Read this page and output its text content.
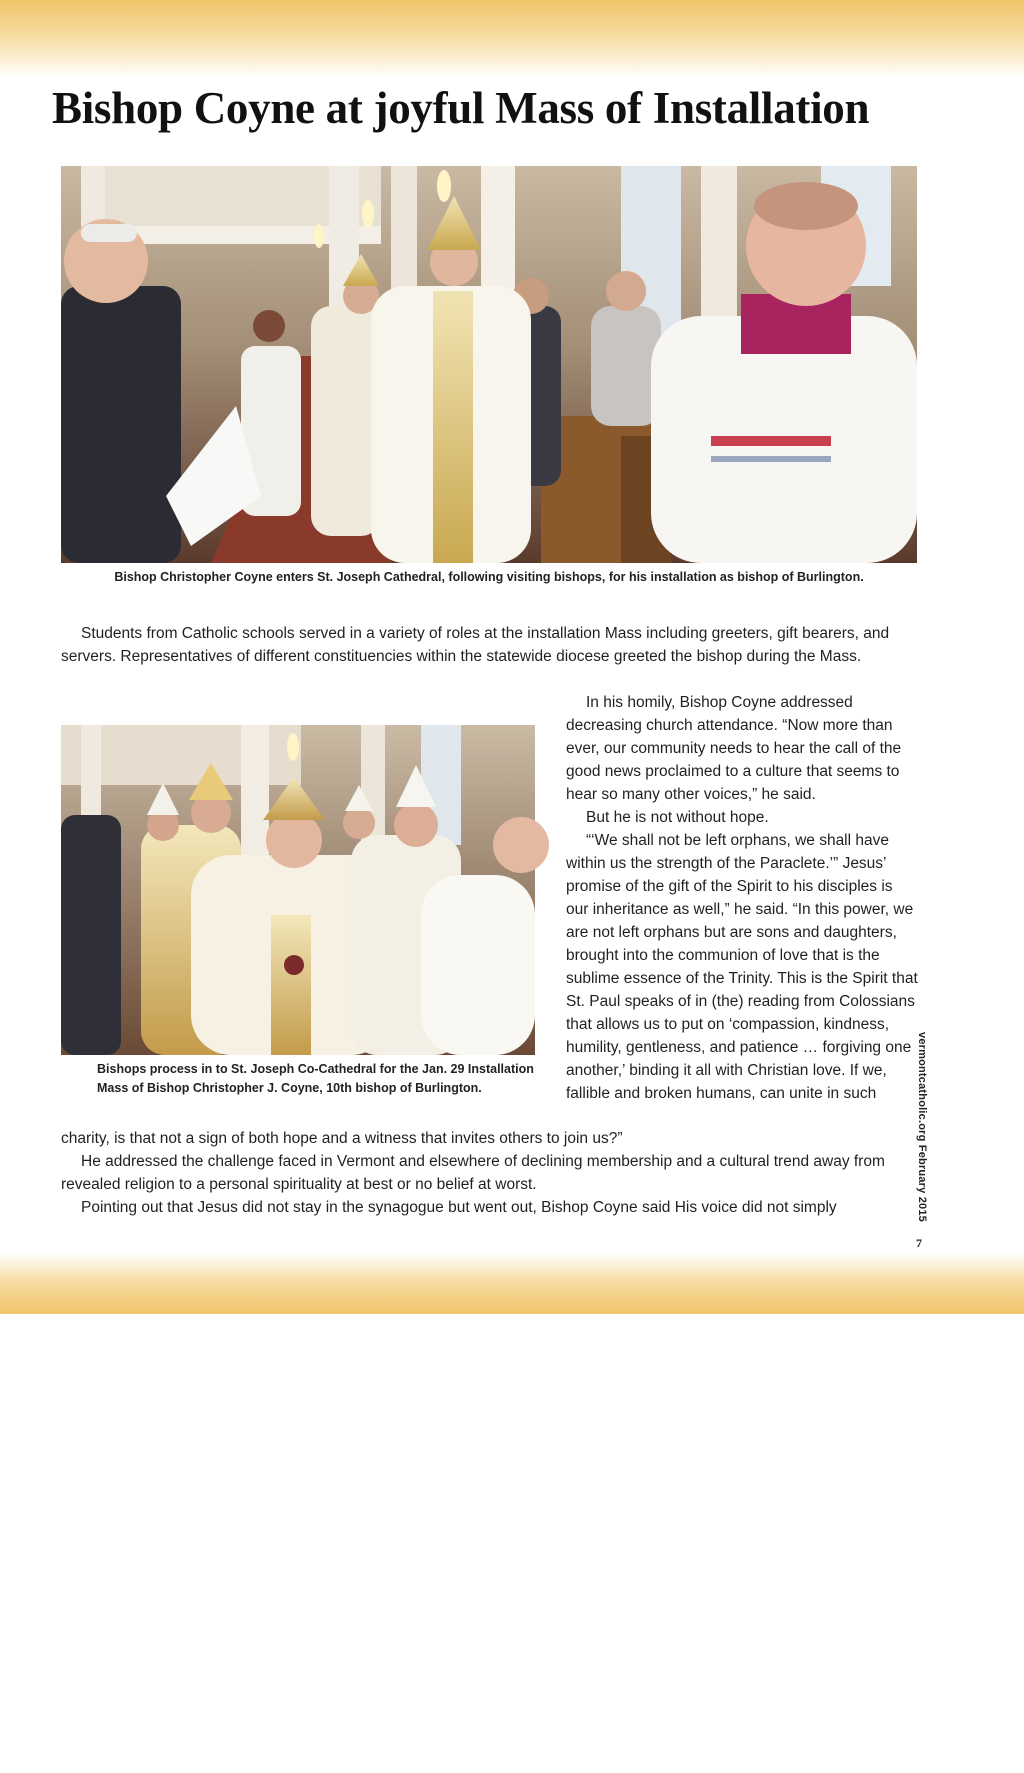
Bishop Coyne at joyful Mass of Installation
Bishop Christopher Coyne enters St. Joseph Cathedral, following visiting bishops, for his installation as bishop of Burlington.

Students from Catholic schools served in a variety of roles at the installation Mass including greeters, gift bearers, and servers. Representatives of different constituencies within the statewide diocese greeted the bishop during the Mass.

(Photos by Pat Gore)
Bishops process in to St. Joseph Co-Cathedral for the Jan. 29 Installation
Mass of Bishop Christopher J. Coyne, 10th bishop of Burlington.

In his homily, Bishop Coyne addressed decreasing church attendance. “Now more than ever, our community needs to hear the call of the good news proclaimed to a culture that seems to hear so many other voices,” he said.

But he is not without hope.

“‘We shall not be left orphans, we shall have within us the strength of the Paraclete.’” Jesus’ promise of the gift of the Spirit to his disciples is our inheritance as well,” he said. “In this power, we are not left orphans but are sons and daughters, brought into the communion of love that is the sublime essence of the Trinity. This is the Spirit that St. Paul speaks of in (the) reading from Colossians that allows us to put on ‘compassion, kindness, humility, gentleness, and patience … forgiving one another,’ binding it all with Christian love. If we, fallible and broken humans, can unite in such

charity, is that not a sign of both hope and a witness that invites others to join us?”

He addressed the challenge faced in Vermont and elsewhere of declining membership and a cultural trend away from revealed religion to a personal spirituality at best or no belief at worst.

Pointing out that Jesus did not stay in the synagogue but went out, Bishop Coyne said His voice did not simply	vermontcatholic.org February 2015
7
